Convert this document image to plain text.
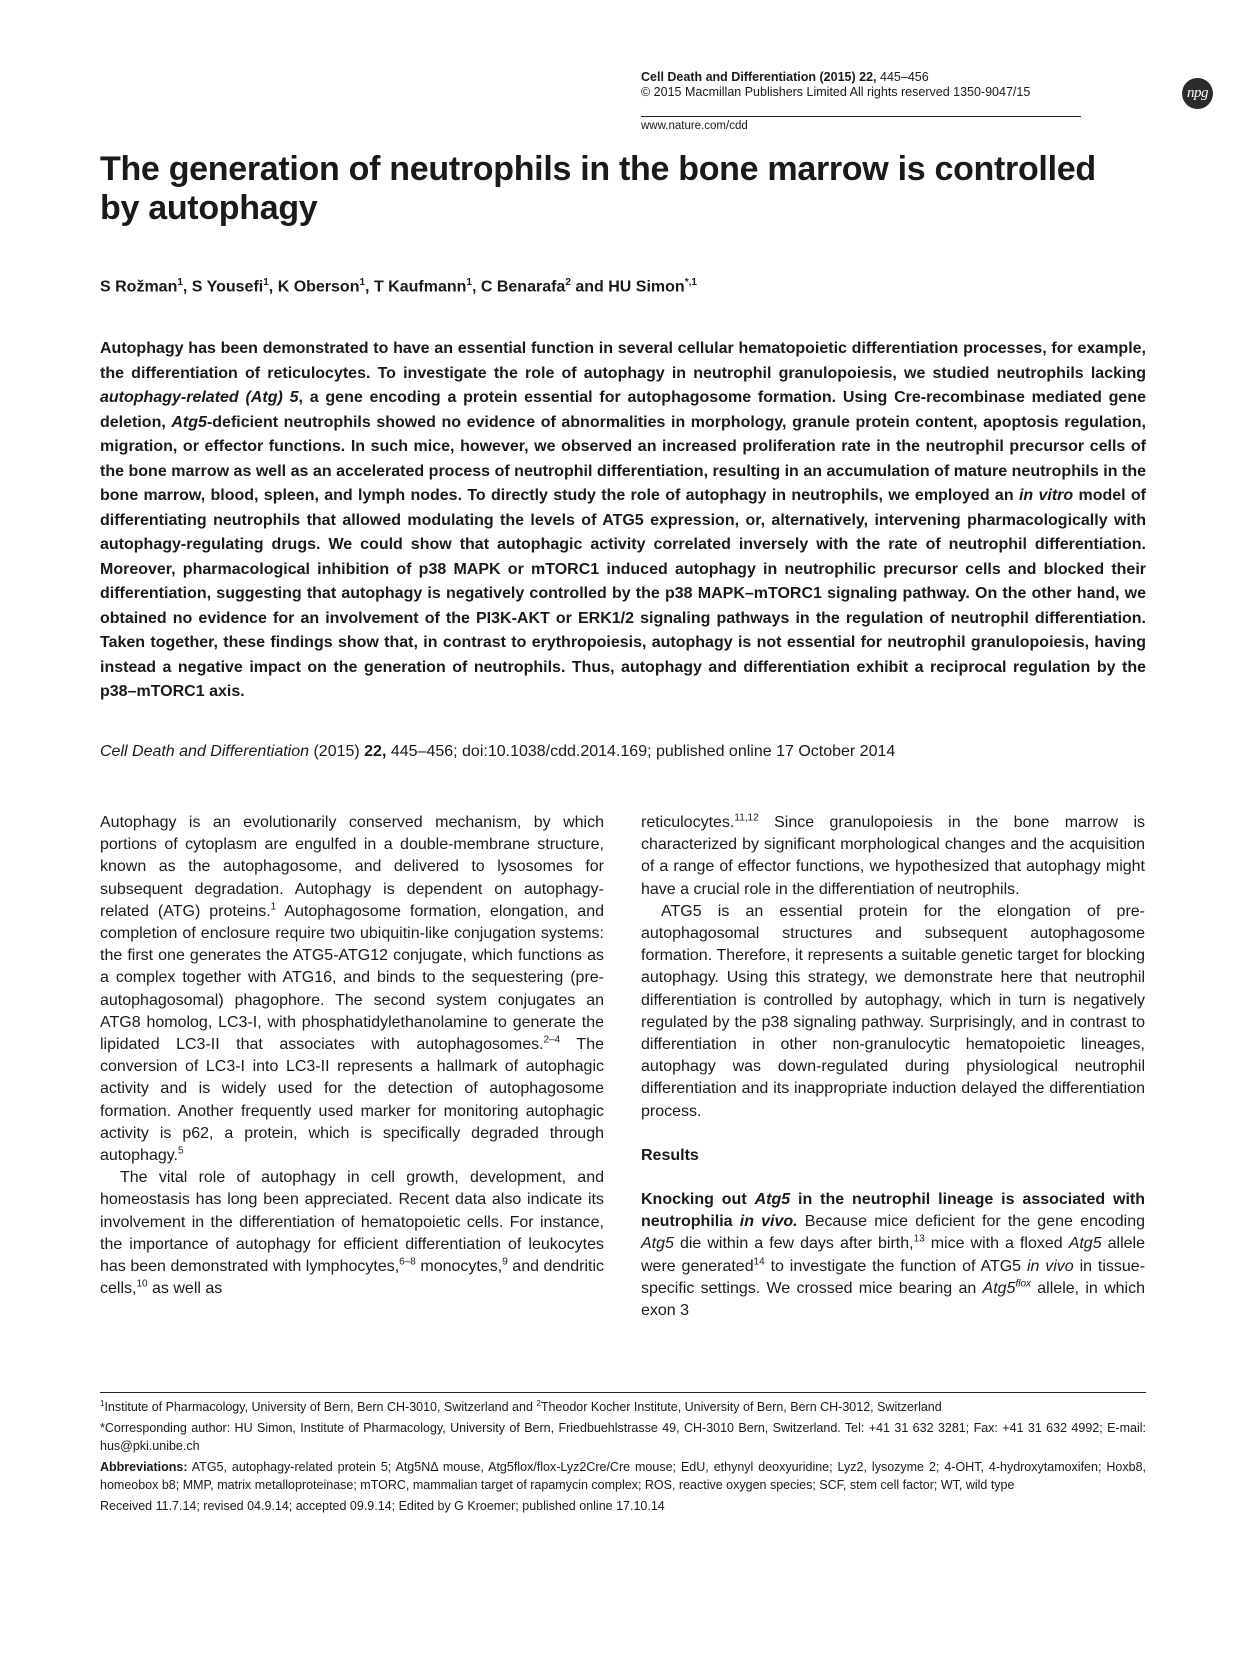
Cell Death and Differentiation (2015) 22, 445–456
© 2015 Macmillan Publishers Limited All rights reserved 1350-9047/15
www.nature.com/cdd
npg
The generation of neutrophils in the bone marrow is controlled by autophagy
S Rožman$^1$, S Yousefi$^1$, K Oberson$^1$, T Kaufmann$^1$, C Benarafa$^2$ and HU Simon$^{*,1}$

Autophagy has been demonstrated to have an essential function in several cellular hematopoietic differentiation processes, for example, the differentiation of reticulocytes. To investigate the role of autophagy in neutrophil granulopoiesis, we studied neutrophils lacking autophagy-related (Atg) 5, a gene encoding a protein essential for autophagosome formation. Using Cre-recombinase mediated gene deletion, Atg5-deficient neutrophils showed no evidence of abnormalities in morphology, granule protein content, apoptosis regulation, migration, or effector functions. In such mice, however, we observed an increased proliferation rate in the neutrophil precursor cells of the bone marrow as well as an accelerated process of neutrophil differentiation, resulting in an accumulation of mature neutrophils in the bone marrow, blood, spleen, and lymph nodes. To directly study the role of autophagy in neutrophils, we employed an in vitro model of differentiating neutrophils that allowed modulating the levels of ATG5 expression, or, alternatively, intervening pharmacologically with autophagy-regulating drugs. We could show that autophagic activity correlated inversely with the rate of neutrophil differentiation. Moreover, pharmacological inhibition of p38 MAPK or mTORC1 induced autophagy in neutrophilic precursor cells and blocked their differentiation, suggesting that autophagy is negatively controlled by the p38 MAPK–mTORC1 signaling pathway. On the other hand, we obtained no evidence for an involvement of the PI3K-AKT or ERK1/2 signaling pathways in the regulation of neutrophil differentiation. Taken together, these findings show that, in contrast to erythropoiesis, autophagy is not essential for neutrophil granulopoiesis, having instead a negative impact on the generation of neutrophils. Thus, autophagy and differentiation exhibit a reciprocal regulation by the p38–mTORC1 axis.

Cell Death and Differentiation (2015) 22, 445–456; doi:10.1038/cdd.2014.169; published online 17 October 2014

Autophagy is an evolutionarily conserved mechanism, by which portions of cytoplasm are engulfed in a double-membrane structure, known as the autophagosome, and delivered to lysosomes for subsequent degradation. Autophagy is dependent on autophagy-related (ATG) proteins.$^1$ Autophagosome formation, elongation, and completion of enclosure require two ubiquitin-like conjugation systems: the first one generates the ATG5-ATG12 conjugate, which functions as a complex together with ATG16, and binds to the sequestering (pre-autophagosomal) phagophore. The second system conjugates an ATG8 homolog, LC3-I, with phosphatidylethanolamine to generate the lipidated LC3-II that associates with autophagosomes.$^{2-4}$ The conversion of LC3-I into LC3-II represents a hallmark of autophagic activity and is widely used for the detection of autophagosome formation. Another frequently used marker for monitoring autophagic activity is p62, a protein, which is specifically degraded through autophagy.$^5$

The vital role of autophagy in cell growth, development, and homeostasis has long been appreciated. Recent data also indicate its involvement in the differentiation of hematopoietic cells. For instance, the importance of autophagy for efficient differentiation of leukocytes has been demonstrated with lymphocytes,$^{6-8}$ monocytes,$^9$ and dendritic cells,$^{10}$ as well as

reticulocytes.$^{11,12}$ Since granulopoiesis in the bone marrow is characterized by significant morphological changes and the acquisition of a range of effector functions, we hypothesized that autophagy might have a crucial role in the differentiation of neutrophils.

ATG5 is an essential protein for the elongation of pre-autophagosomal structures and subsequent autophagosome formation. Therefore, it represents a suitable genetic target for blocking autophagy. Using this strategy, we demonstrate here that neutrophil differentiation is controlled by autophagy, which in turn is negatively regulated by the p38 signaling pathway. Surprisingly, and in contrast to differentiation in other non-granulocytic hematopoietic lineages, autophagy was down-regulated during physiological neutrophil differentiation and its inappropriate induction delayed the differentiation process.

Results

Knocking out Atg5 in the neutrophil lineage is associated with neutrophilia in vivo. Because mice deficient for the gene encoding Atg5 die within a few days after birth,$^{13}$ mice with a floxed Atg5 allele were generated$^{14}$ to investigate the function of ATG5 in vivo in tissue-specific settings. We crossed mice bearing an $Atg5^{flox}$ allele, in which exon 3

$^1$Institute of Pharmacology, University of Bern, Bern CH-3010, Switzerland and $^2$Theodor Kocher Institute, University of Bern, Bern CH-3012, Switzerland

*Corresponding author: HU Simon, Institute of Pharmacology, University of Bern, Friedbuehlstrasse 49, CH-3010 Bern, Switzerland. Tel: +41 31 632 3281; Fax: +41 31 632 4992; E-mail: hus@pki.unibe.ch

Abbreviations: ATG5, autophagy-related protein 5; Atg5NΔ mouse, Atg5flox/flox-Lyz2Cre/Cre mouse; EdU, ethynyl deoxyuridine; Lyz2, lysozyme 2; 4-OHT, 4-hydroxytamoxifen; Hoxb8, homeobox b8; MMP, matrix metalloproteinase; mTORC, mammalian target of rapamycin complex; ROS, reactive oxygen species; SCF, stem cell factor; WT, wild type

Received 11.7.14; revised 04.9.14; accepted 09.9.14; Edited by G Kroemer; published online 17.10.14
